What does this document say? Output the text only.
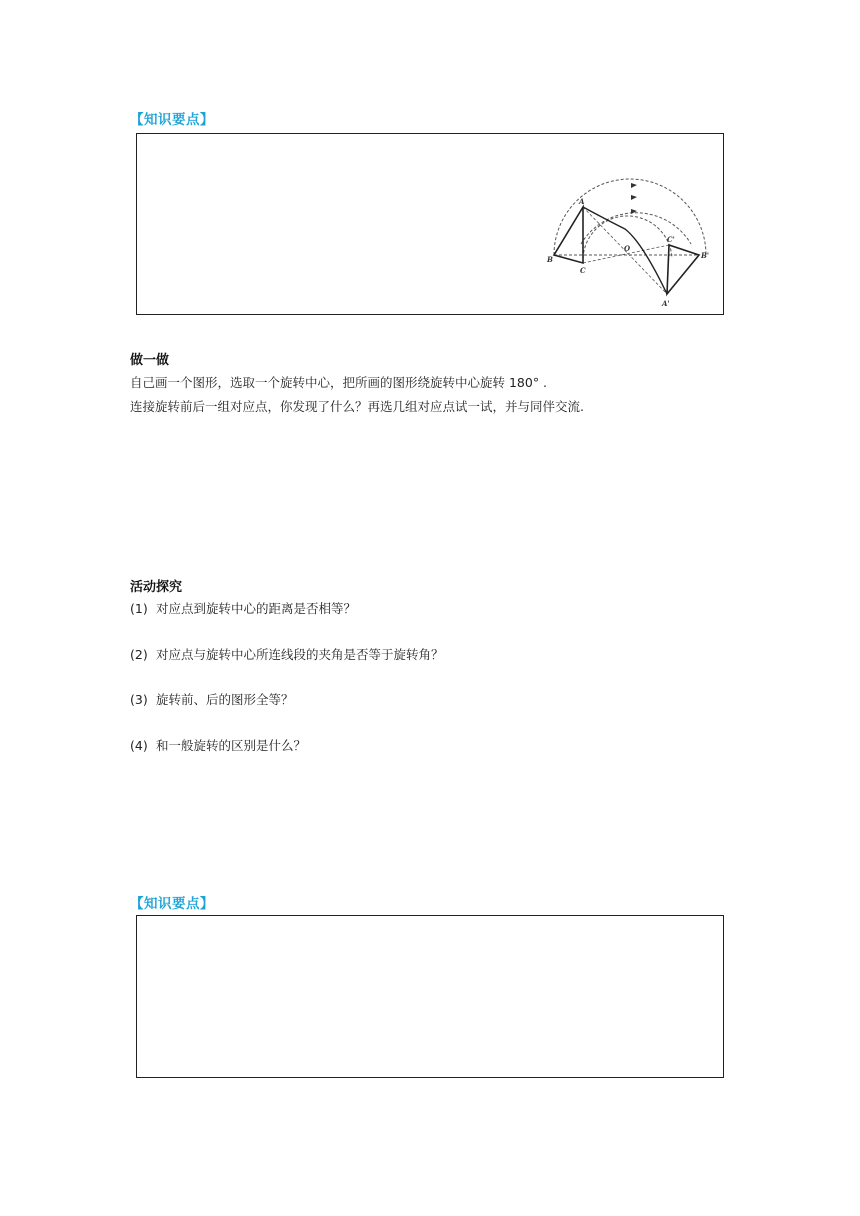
【知识要点】
A
B
C
O
C'
B'
A'
做一做
自己画一个图形，选取一个旋转中心，把所画的图形绕旋转中心旋转 180° .
连接旋转前后一组对应点，你发现了什么？再选几组对应点试一试，并与同伴交流.
活动探究
(1) 对应点到旋转中心的距离是否相等？
(2) 对应点与旋转中心所连线段的夹角是否等于旋转角？
(3) 旋转前、后的图形全等？
(4) 和一般旋转的区别是什么？
【知识要点】
